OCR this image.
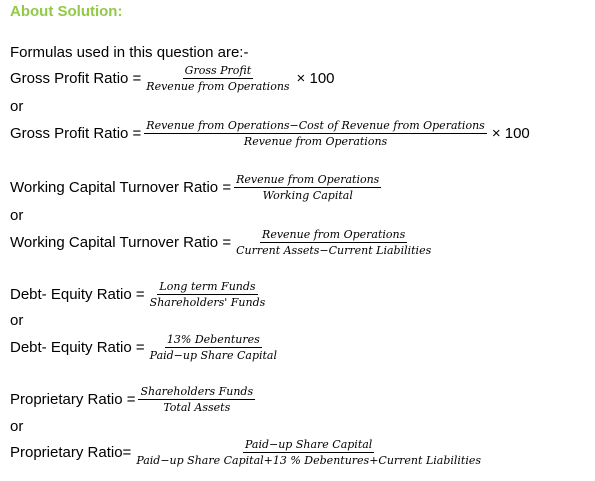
About Solution:
Formulas used in this question are:-
Gross Profit Ratio = $\frac{\text{Gross Profit}}{\text{Revenue from Operations}} \times 100$
or
Gross Profit Ratio = $\frac{\text{Revenue from Operations−Cost of Revenue from Operations}}{\text{Revenue from Operations}} \times 100$
Working Capital Turnover Ratio = $\frac{\text{Revenue from Operations}}{\text{Working Capital}}$
or
Working Capital Turnover Ratio = $\frac{\text{Revenue from Operations}}{\text{Current Assets−Current Liabilities}}$
Debt- Equity Ratio = $\frac{\text{Long term Funds}}{\text{Shareholders' Funds}}$
or
Debt- Equity Ratio = $\frac{\text{13\% Debentures}}{\text{Paid−up Share Capital}}$
Proprietary Ratio = $\frac{\text{Shareholders Funds}}{\text{Total Assets}}$
or
Proprietary Ratio= $\frac{\text{Paid−up Share Capital}}{\text{Paid−up Share Capital+13 \% Debentures+Current Liabilities}}$
